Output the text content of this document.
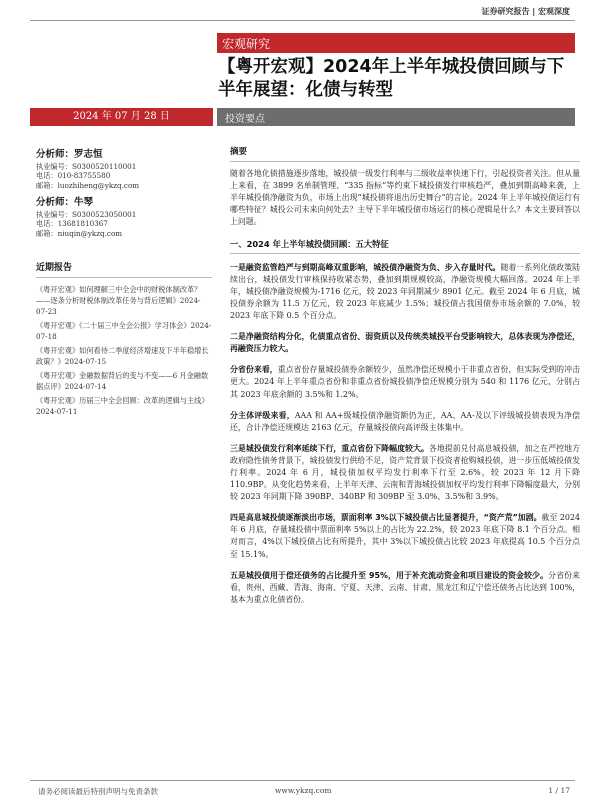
证券研究报告 | 宏观深度
宏观研究
【粤开宏观】2024年上半年城投债回顾与下半年展望：化债与转型
2024 年 07 月 28 日	投资要点
分析师：罗志恒
执业编号：S0300520110001
电话：010-83755580
邮箱：luozhiheng@ykzq.com
分析师：牛琴
执业编号：S0300523050001
电话：13681810367
邮箱：niuqin@ykzq.com
近期报告
《粤开宏观》如何理解三中全会中的财税体制改革？——逐条分析财税体制改革任务与背后逻辑》2024-07-23
《粤开宏观》《二十届三中全会公报》学习体会》2024-07-18
《粤开宏观》如何看待二季度经济增速及下半年稳增长政策？》2024-07-15
《粤开宏观》金融数据背后的变与不变——6 月金融数据点评》2024-07-14
《粤开宏观》历届三中全会回顾：改革的逻辑与主线》2024-07-11
摘要

随着各地化债措施逐步落地，城投债一级发行利率与二级收益率快速下行，引起投资者关注。但从量上来看，在 3899 名单制管理、“335 指标”等约束下城投债发行审核趋严，叠加到期高峰来袭，上半年城投债净融资为负，市场上出现“城投债将退出历史舞台”的言论。2024 年上半年城投债运行有哪些特征？城投公司未来向何处去？主导下半年城投债市场运行的核心逻辑是什么？本文主要回答以上问题。

一、2024 年上半年城投债回顾：五大特征

一是融资监管趋严与到期高峰双重影响，城投债净融资为负、步入存量时代。随着一系列化债政策陆续出台，城投债发行审核保持收紧态势，叠加到期规模较高，净融资规模大幅回落。2024 年上半年，城投债净融资规模为-1716 亿元，较 2023 年同期减少 8901 亿元。截至 2024 年 6 月底，城投债券余额为 11.5 万亿元，较 2023 年底减少 1.5%；城投债占我国债券市场余额的 7.0%，较 2023 年底下降 0.5 个百分点。

二是净融资结构分化，化债重点省份、弱资质以及传统类城投平台受影响较大，总体表现为净偿还，再融资压力较大。

分省份来看，重点省份存量城投债券余额较少，虽然净偿还规模小于非重点省份，但实际受到的冲击更大。2024 年上半年重点省份和非重点省份城投债净偿还规模分别为 540 和 1176 亿元，分别占其 2023 年底余额的 3.5%和 1.2%。

分主体评级来看，AAA 和 AA+级城投债净融资额仍为正，AA、AA-及以下评级城投债表现为净偿还，合计净偿还规模达 2163 亿元，存量城投债向高评级主体集中。

三是城投债发行利率延续下行，重点省份下降幅度较大。各地提前兑付高息城投债，加之在严控地方政府隐性债务背景下，城投债发行供给不足，资产荒背景下投资者抢购城投债，进一步压低城投债发行利率。2024 年 6 月，城投债加权平均发行利率下行至 2.6%，较 2023 年 12 月下降 110.9BP。从变化趋势来看，上半年天津、云南和青海城投债加权平均发行利率下降幅度最大，分别较 2023 年同期下降 390BP、340BP 和 309BP 至 3.0%、3.5%和 3.9%。

四是高息城投债逐渐淡出市场，票面利率 3%以下城投债占比显著提升，“资产荒”加剧。截至 2024 年 6 月底，存量城投债中票面利率 5%以上的占比为 22.2%，较 2023 年底下降 8.1 个百分点。相对而言，4%以下城投债占比有所提升，其中 3%以下城投债占比较 2023 年底提高 10.5 个百分点至 15.1%。

五是城投债用于偿还债务的占比提升至 95%，用于补充流动资金和项目建设的资金较少。分省份来看，贵州、西藏、青海、海南、宁夏、天津、云南、甘肃、黑龙江和辽宁偿还债务占比达到 100%，基本为重点化债省份。

请务必阅读最后特别声明与免责条款	www.ykzq.com	1 / 17
